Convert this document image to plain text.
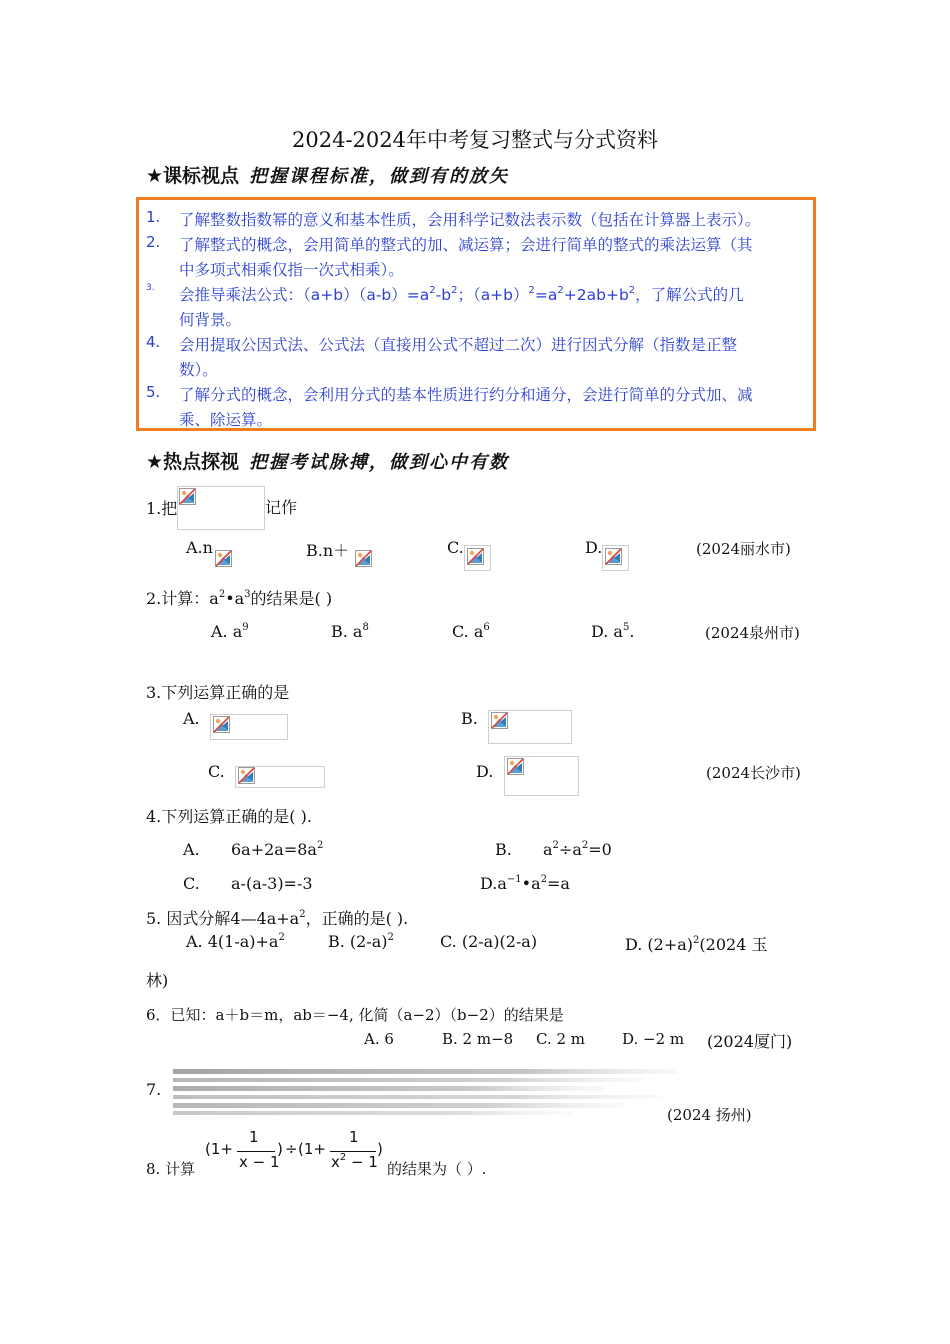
2024-2024年中考复习整式与分式资料
★课标视点 把握课程标准，做到有的放矢
1. 了解整数指数幂的意义和基本性质，会用科学记数法表示数（包括在计算器上表示）。
2. 了解整式的概念，会用简单的整式的加、减运算；会进行简单的整式的乘法运算（其
中多项式相乘仅指一次式相乘）。
3. 会推导乘法公式：$(a+b)(a-b)=a^2-b^2$；$(a+b)^2=a^2+2ab+b^2$，了解公式的几
何背景。
4. 会用提取公因式法、公式法（直接用公式不超过二次）进行因式分解（指数是正整
数）。
5. 了解分式的概念，会利用分式的基本性质进行约分和通分，会进行简单的分式加、减
乘、除运算。
★热点探视 把握考试脉搏，做到心中有数
1.把	记作
A.n	B.n＋	C.	D.	(2024丽水市)
2.计算：$a^2•a^3$的结果是( )
A. $a^9$	B. $a^8$	C. $a^6$	D. $a^5$.	(2024泉州市)
3.下列运算正确的是
A.	B.
C.	D.	(2024长沙市)
4.下列运算正确的是( ).
A. $6a+2a=8a^2$	B. $a^2\div a^2=0$
C. a-(a-3)=-3	$D.a^{-1}•a^2=a$
5. 因式分解$4—4a+a^2$，正确的是( ).
A. $4(1-a)+a^2$	B. $(2-a)^2$	C. (2-a)(2-a)	D. $(2+a)^2(2024$ 玉
林)
6．已知：a＋b＝m，ab＝−4, 化简（a−2）（b−2）的结果是
A. 6	B. 2 m−8 C. 2 m D. −2 m (2024厦门)
7.
(2024 扬州)
8. 计算
(1+
1
x − 1
) ÷ (1+
1
$x^2 - 1$
)
的结果为（ ）.
